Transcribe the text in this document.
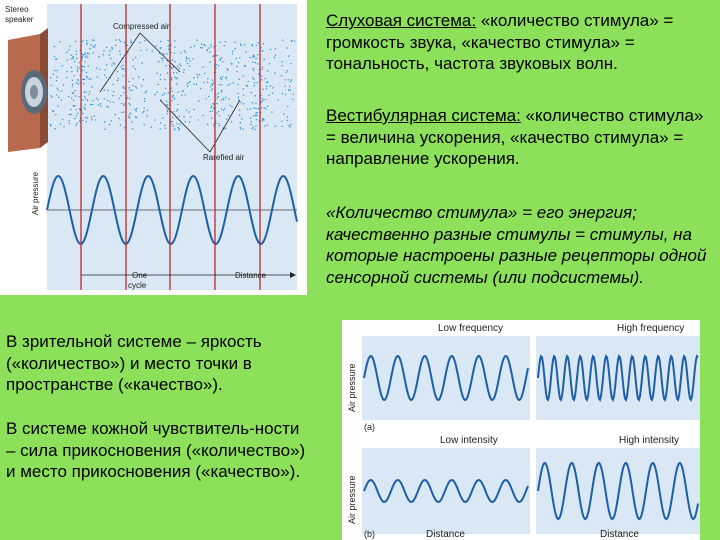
Слуховая система: «количество стимула» = громкость звука, «качество стимула» = тональность, частота звуковых волн.
Вестибулярная система: «количество стимула» = величина ускорения, «качество стимула» = направление ускорения.
«Количество стимула» = его энергия; качественно разные стимулы = стимулы, на которые настроены разные рецепторы одной сенсорной системы (или подсистемы).
В зрительной системе – яркость («количество») и место точки в пространстве («качество»).
В системе кожной чувствитель-ности – сила прикосновения («количество») и место прикосновения («качество»).
Stereo
speaker
Compressed air
Rarefied air
Air pressure
One
cycle
Distance
Low frequency	High frequency
Low intensity	High intensity
Air pressure
Air pressure
(a)
(b)	Distance	Distance
